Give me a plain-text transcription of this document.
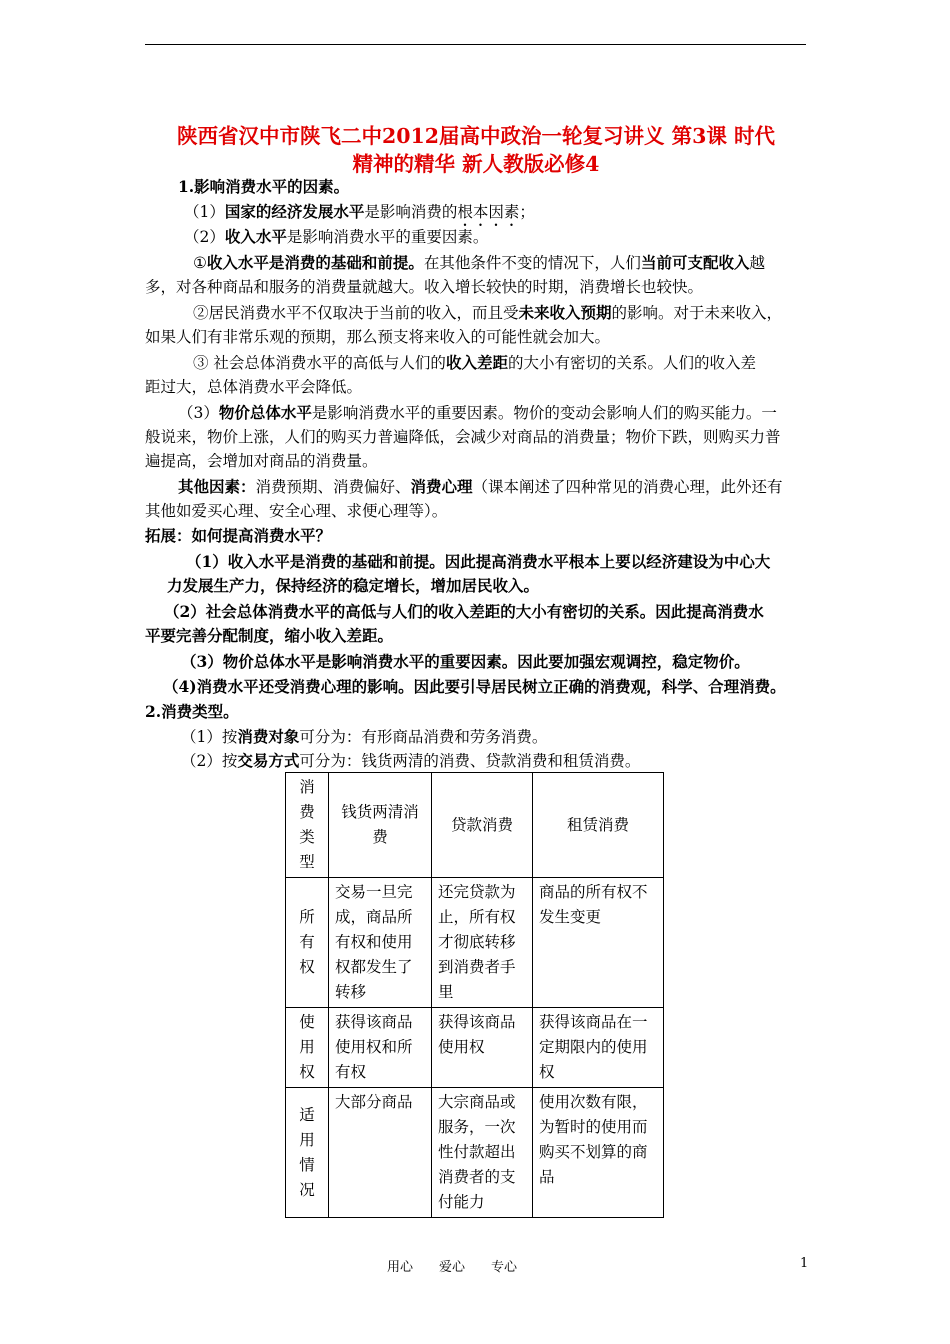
陕西省汉中市陕飞二中2012届高中政治一轮复习讲义 第3课 时代
精神的精华 新人教版必修4
1.影响消费水平的因素。
（1）国家的经济发展水平是影响消费的根本因素；
（2）收入水平是影响消费水平的重要因素。
①收入水平是消费的基础和前提。在其他条件不变的情况下，人们当前可支配收入越
多，对各种商品和服务的消费量就越大。收入增长较快的时期，消费增长也较快。
②居民消费水平不仅取决于当前的收入，而且受未来收入预期的影响。对于未来收入，
如果人们有非常乐观的预期，那么预支将来收入的可能性就会加大。
③ 社会总体消费水平的高低与人们的收入差距的大小有密切的关系。人们的收入差
距过大，总体消费水平会降低。
（3）物价总体水平是影响消费水平的重要因素。物价的变动会影响人们的购买能力。一
般说来，物价上涨，人们的购买力普遍降低，会减少对商品的消费量；物价下跌，则购买力普
遍提高，会增加对商品的消费量。
其他因素：消费预期、消费偏好、消费心理（课本阐述了四种常见的消费心理，此外还有
其他如爱买心理、安全心理、求便心理等）。
拓展：如何提高消费水平？
（1）收入水平是消费的基础和前提。因此提高消费水平根本上要以经济建设为中心大
力发展生产力，保持经济的稳定增长，增加居民收入。
（2）社会总体消费水平的高低与人们的收入差距的大小有密切的关系。因此提高消费水
平要完善分配制度，缩小收入差距。
（3）物价总体水平是影响消费水平的重要因素。因此要加强宏观调控，稳定物价。
（4)消费水平还受消费心理的影响。因此要引导居民树立正确的消费观，科学、合理消费。
2.消费类型。
（1）按消费对象可分为：有形商品消费和劳务消费。
（2）按交易方式可分为：钱货两清的消费、贷款消费和租赁消费。
消费类型	钱货两清消费	贷款消费	租赁消费
所有权	交易一旦完成，商品所有权和使用权都发生了转移	还完贷款为止，所有权才彻底转移到消费者手里	商品的所有权不发生变更
使用权	获得该商品使用权和所有权	获得该商品使用权	获得该商品在一定期限内的使用权
适用情况	大部分商品	大宗商品或服务，一次性付款超出消费者的支付能力	使用次数有限，为暂时的使用而购买不划算的商品
用心　　爱心　　专心	1
